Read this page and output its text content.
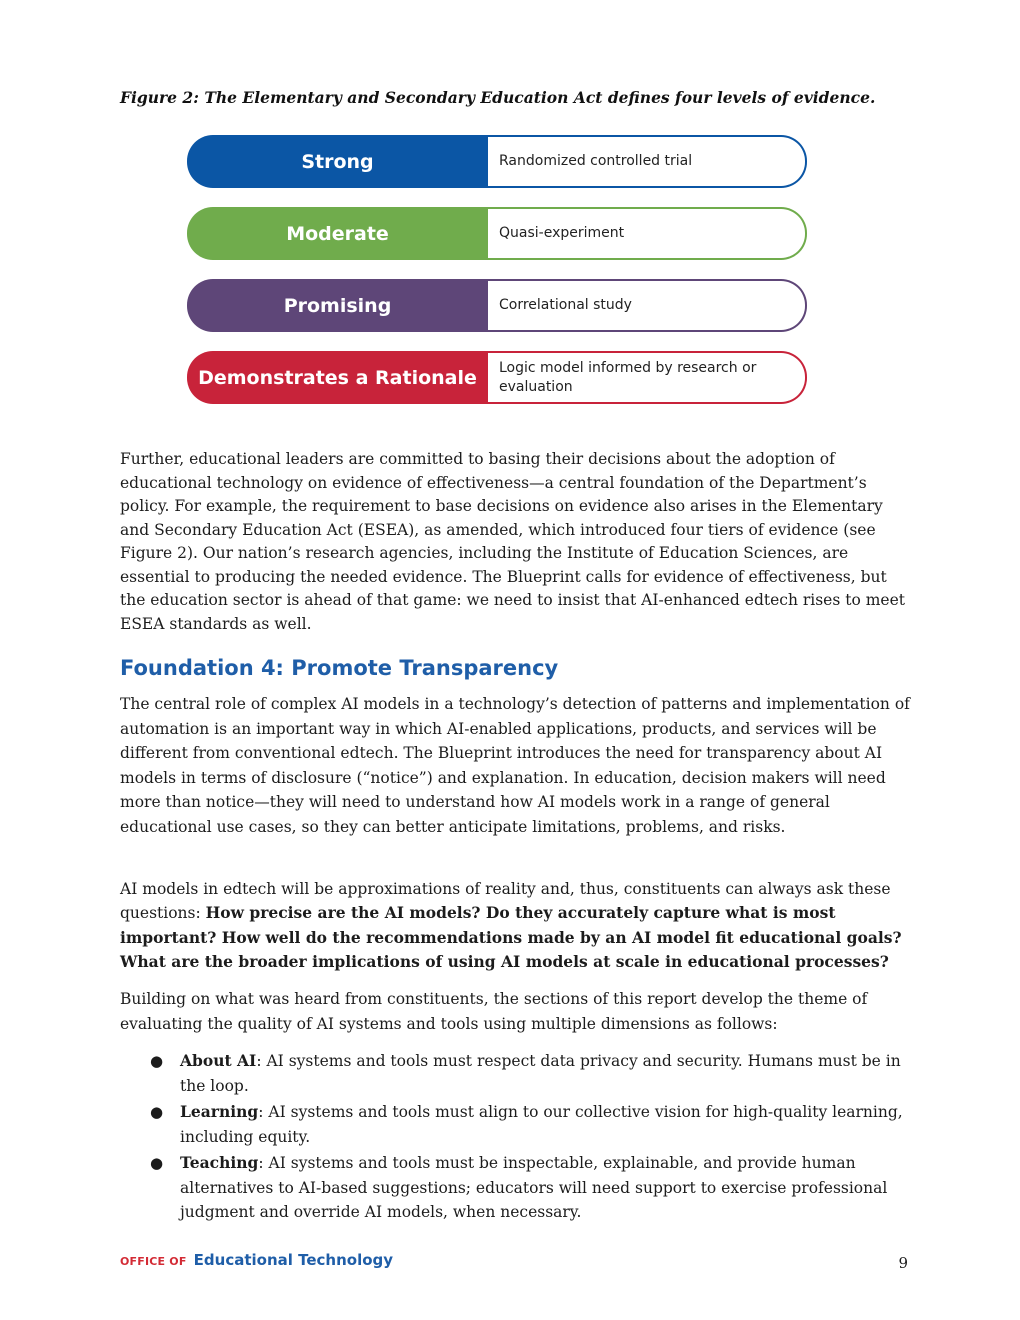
Figure 2: The Elementary and Secondary Education Act defines four levels of evidence.
Strong	Randomized controlled trial
Moderate	Quasi-experiment
Promising	Correlational study
Demonstrates a Rationale	Logic model informed by research or evaluation

Further, educational leaders are committed to basing their decisions about the adoption of educational technology on evidence of effectiveness—a central foundation of the Department’s policy. For example, the requirement to base decisions on evidence also arises in the Elementary and Secondary Education Act (ESEA), as amended, which introduced four tiers of evidence (see Figure 2). Our nation’s research agencies, including the Institute of Education Sciences, are essential to producing the needed evidence. The Blueprint calls for evidence of effectiveness, but the education sector is ahead of that game: we need to insist that AI-enhanced edtech rises to meet ESEA standards as well.

Foundation 4: Promote Transparency

The central role of complex AI models in a technology’s detection of patterns and implementation of automation is an important way in which AI-enabled applications, products, and services will be different from conventional edtech. The Blueprint introduces the need for transparency about AI models in terms of disclosure (“notice”) and explanation. In education, decision makers will need more than notice—they will need to understand how AI models work in a range of general educational use cases, so they can better anticipate limitations, problems, and risks.

AI models in edtech will be approximations of reality and, thus, constituents can always ask these questions: How precise are the AI models? Do they accurately capture what is most important? How well do the recommendations made by an AI model fit educational goals? What are the broader implications of using AI models at scale in educational processes?

Building on what was heard from constituents, the sections of this report develop the theme of evaluating the quality of AI systems and tools using multiple dimensions as follows:

● About AI: AI systems and tools must respect data privacy and security. Humans must be in the loop.
● Learning: AI systems and tools must align to our collective vision for high-quality learning, including equity.
● Teaching: AI systems and tools must be inspectable, explainable, and provide human alternatives to AI-based suggestions; educators will need support to exercise professional judgment and override AI models, when necessary.
OFFICE OF Educational Technology	9
